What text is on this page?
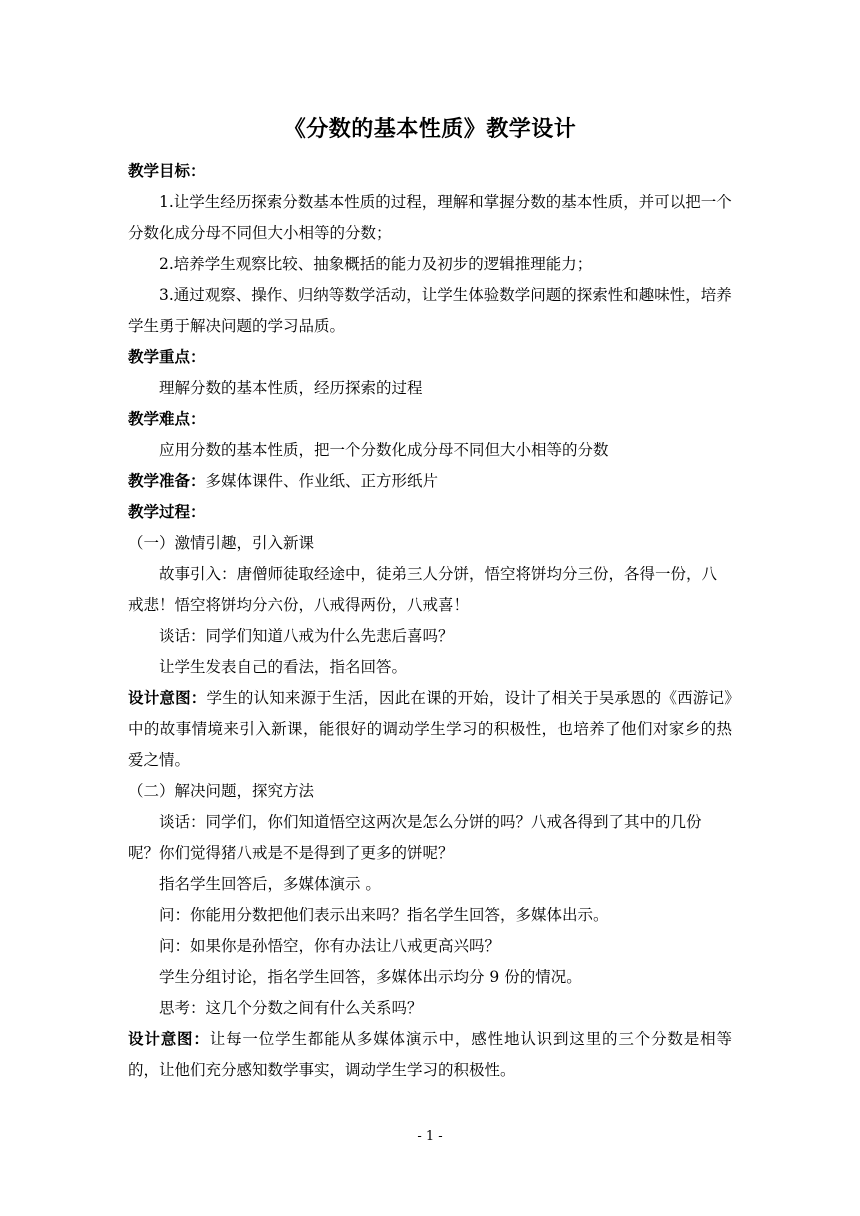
《分数的基本性质》教学设计

教学目标：

1.让学生经历探索分数基本性质的过程，理解和掌握分数的基本性质，并可以把一个分数化成分母不同但大小相等的分数；

2.培养学生观察比较、抽象概括的能力及初步的逻辑推理能力；

3.通过观察、操作、归纳等数学活动，让学生体验数学问题的探索性和趣味性，培养学生勇于解决问题的学习品质。

教学重点：

理解分数的基本性质，经历探索的过程

教学难点：

应用分数的基本性质，把一个分数化成分母不同但大小相等的分数

教学准备：多媒体课件、作业纸、正方形纸片

教学过程：

（一）激情引趣，引入新课

故事引入：唐僧师徒取经途中，徒弟三人分饼，悟空将饼均分三份，各得一份，八戒悲！悟空将饼均分六份，八戒得两份，八戒喜！

谈话：同学们知道八戒为什么先悲后喜吗？

让学生发表自己的看法，指名回答。

设计意图：学生的认知来源于生活，因此在课的开始，设计了相关于吴承恩的《西游记》中的故事情境来引入新课，能很好的调动学生学习的积极性，也培养了他们对家乡的热爱之情。

（二）解决问题，探究方法

谈话：同学们，你们知道悟空这两次是怎么分饼的吗？八戒各得到了其中的几份呢？你们觉得猪八戒是不是得到了更多的饼呢？

指名学生回答后，多媒体演示 。

问：你能用分数把他们表示出来吗？指名学生回答，多媒体出示。

问：如果你是孙悟空，你有办法让八戒更高兴吗？

学生分组讨论，指名学生回答，多媒体出示均分 9 份的情况。

思考：这几个分数之间有什么关系吗？

设计意图：让每一位学生都能从多媒体演示中，感性地认识到这里的三个分数是相等的，让他们充分感知数学事实，调动学生学习的积极性。

- 1 -
